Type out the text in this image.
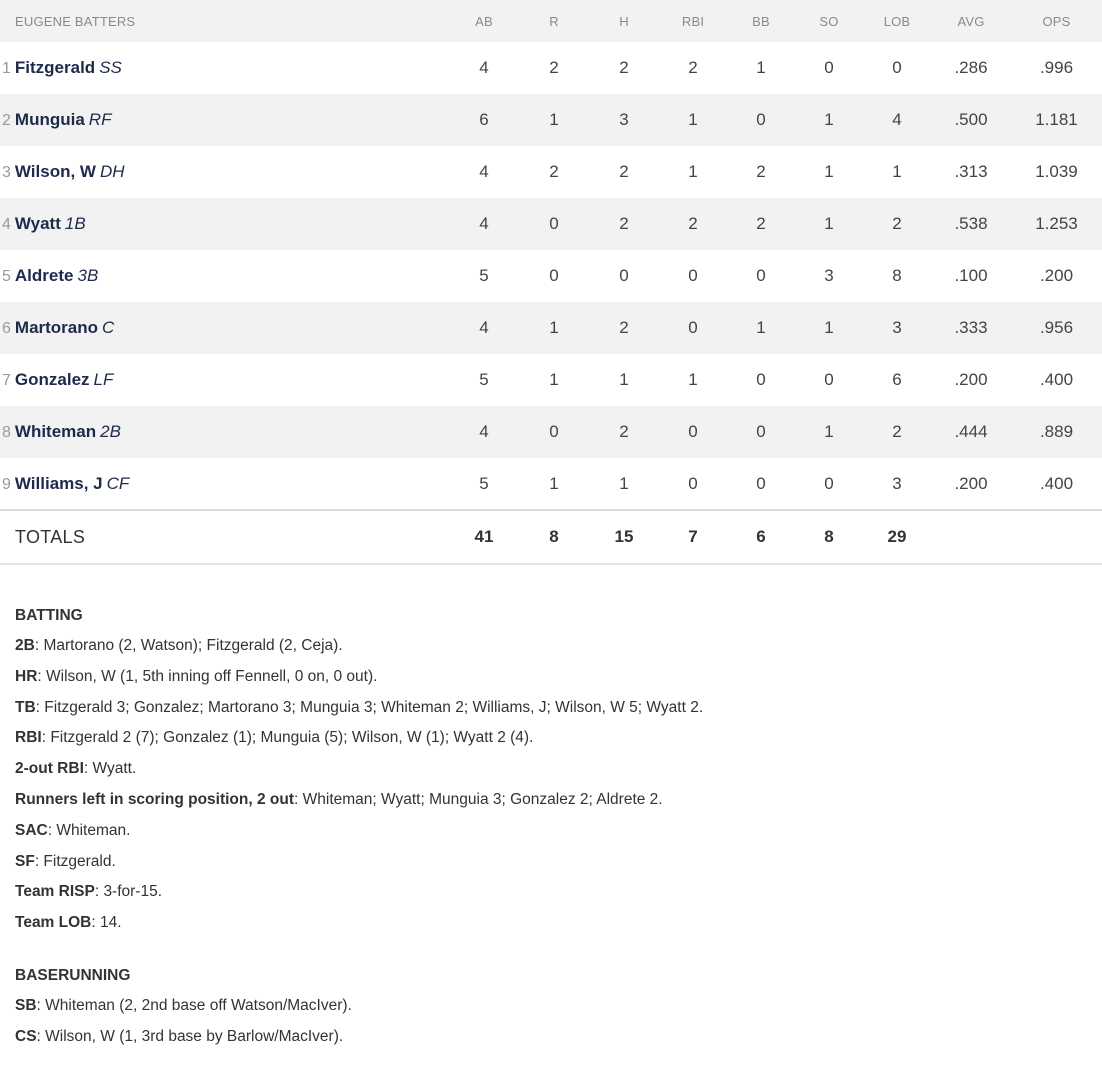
EUGENE BATTERS	AB	R	H	RBI	BB	SO	LOB	AVG	OPS
1 Fitzgerald SS	4	2	2	2	1	0	0	.286	.996
2 Munguia RF	6	1	3	1	0	1	4	.500	1.181
3 Wilson, W DH	4	2	2	1	2	1	1	.313	1.039
4 Wyatt 1B	4	0	2	2	2	1	2	.538	1.253
5 Aldrete 3B	5	0	0	0	0	3	8	.100	.200
6 Martorano C	4	1	2	0	1	1	3	.333	.956
7 Gonzalez LF	5	1	1	1	0	0	6	.200	.400
8 Whiteman 2B	4	0	2	0	0	1	2	.444	.889
9 Williams, J CF	5	1	1	0	0	0	3	.200	.400
TOTALS	41	8	15	7	6	8	29		
BATTING
2B: Martorano (2, Watson); Fitzgerald (2, Ceja).
HR: Wilson, W (1, 5th inning off Fennell, 0 on, 0 out).
TB: Fitzgerald 3; Gonzalez; Martorano 3; Munguia 3; Whiteman 2; Williams, J; Wilson, W 5; Wyatt 2.
RBI: Fitzgerald 2 (7); Gonzalez (1); Munguia (5); Wilson, W (1); Wyatt 2 (4).
2-out RBI: Wyatt.
Runners left in scoring position, 2 out: Whiteman; Wyatt; Munguia 3; Gonzalez 2; Aldrete 2.
SAC: Whiteman.
SF: Fitzgerald.
Team RISP: 3-for-15.
Team LOB: 14.
BASERUNNING
SB: Whiteman (2, 2nd base off Watson/MacIver).
CS: Wilson, W (1, 3rd base by Barlow/MacIver).
